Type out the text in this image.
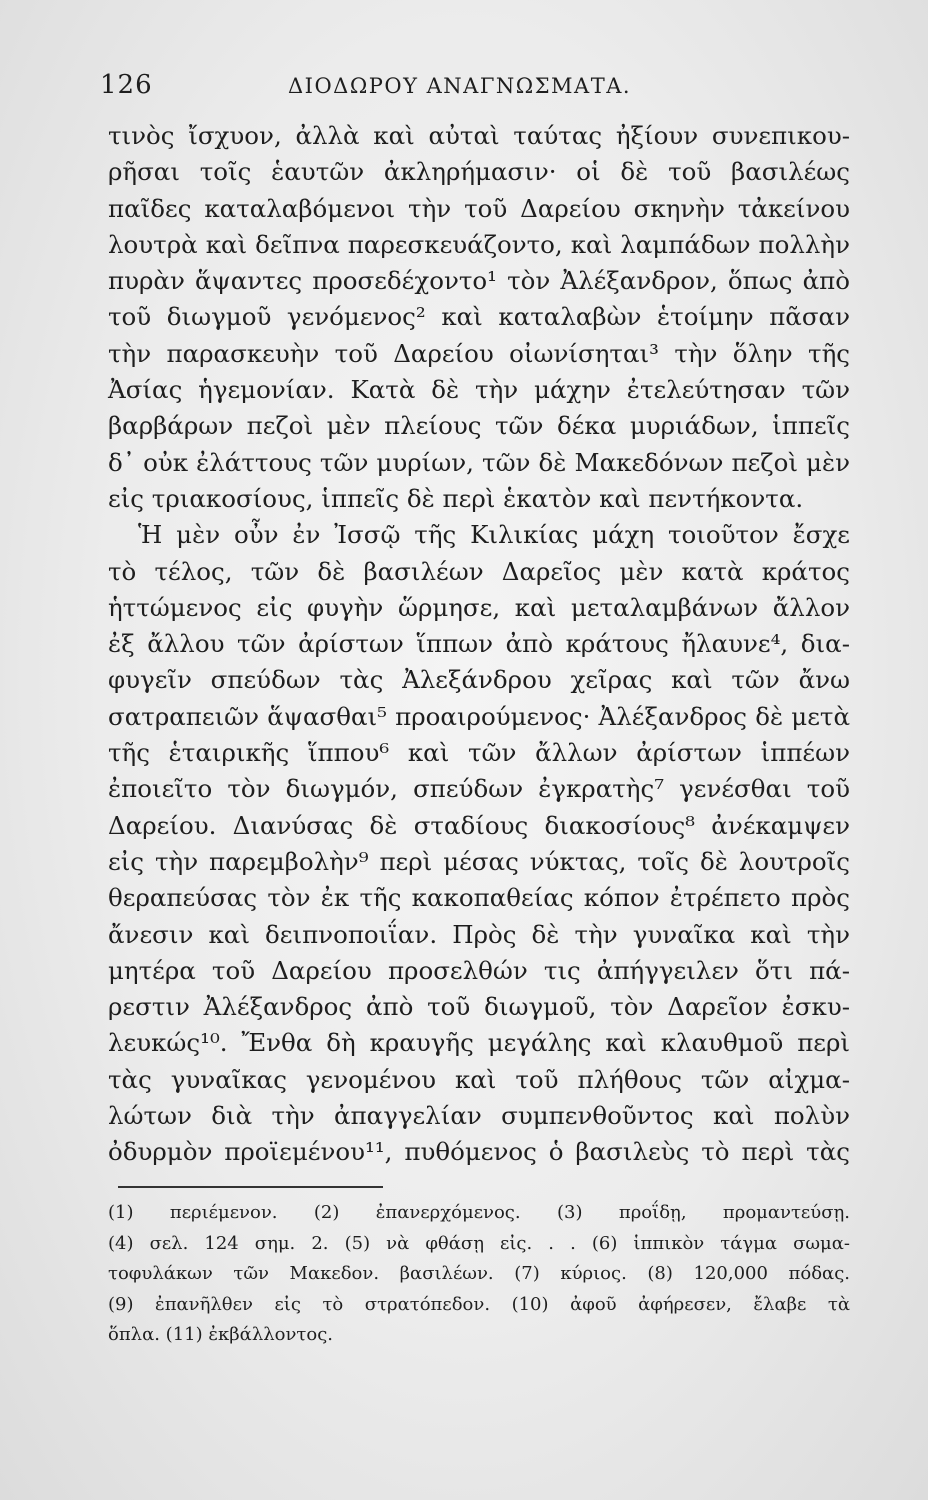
126	ΔΙΟΔΩΡΟΥ ΑΝΑΓΝΩΣΜΑΤΑ.
τινὸς ἴσχυον, ἀλλὰ καὶ αὐταὶ ταύτας ἠξίουν συνεπικου-
ρῆσαι τοῖς ἑαυτῶν ἀκληρήμασιν· οἱ δὲ τοῦ βασιλέως
παῖδες καταλαβόμενοι τὴν τοῦ Δαρείου σκηνὴν τἀκείνου
λουτρὰ καὶ δεῖπνα παρεσκευάζοντο, καὶ λαμπάδων πολλὴν
πυρὰν ἅψαντες προσεδέχοντο¹ τὸν Ἀλέξανδρον, ὅπως ἀπὸ
τοῦ διωγμοῦ γενόμενος² καὶ καταλαβὼν ἑτοίμην πᾶσαν
τὴν παρασκευὴν τοῦ Δαρείου οἰωνίσηται³ τὴν ὅλην τῆς
Ἀσίας ἡγεμονίαν. Κατὰ δὲ τὴν μάχην ἐτελεύτησαν τῶν
βαρβάρων πεζοὶ μὲν πλείους τῶν δέκα μυριάδων, ἱππεῖς
δ᾽ οὐκ ἐλάττους τῶν μυρίων, τῶν δὲ Μακεδόνων πεζοὶ μὲν
εἰς τριακοσίους, ἱππεῖς δὲ περὶ ἑκατὸν καὶ πεντήκοντα.
Ἡ μὲν οὖν ἐν Ἰσσῷ τῆς Κιλικίας μάχη τοιοῦτον ἔσχε
τὸ τέλος, τῶν δὲ βασιλέων Δαρεῖος μὲν κατὰ κράτος
ἡττώμενος εἰς φυγὴν ὥρμησε, καὶ μεταλαμβάνων ἄλλον
ἐξ ἄλλου τῶν ἀρίστων ἵππων ἀπὸ κράτους ἤλαυνε⁴, δια-
φυγεῖν σπεύδων τὰς Ἀλεξάνδρου χεῖρας καὶ τῶν ἄνω
σατραπειῶν ἅψασθαι⁵ προαιρούμενος· Ἀλέξανδρος δὲ μετὰ
τῆς ἑταιρικῆς ἵππου⁶ καὶ τῶν ἄλλων ἀρίστων ἱππέων
ἐποιεῖτο τὸν διωγμόν, σπεύδων ἐγκρατὴς⁷ γενέσθαι τοῦ
Δαρείου. Διανύσας δὲ σταδίους διακοσίους⁸ ἀνέκαμψεν
εἰς τὴν παρεμβολὴν⁹ περὶ μέσας νύκτας, τοῖς δὲ λουτροῖς
θεραπεύσας τὸν ἐκ τῆς κακοπαθείας κόπον ἐτρέπετο πρὸς
ἄνεσιν καὶ δειπνοποιΐαν. Πρὸς δὲ τὴν γυναῖκα καὶ τὴν
μητέρα τοῦ Δαρείου προσελθών τις ἀπήγγειλεν ὅτι πά-
ρεστιν Ἀλέξανδρος ἀπὸ τοῦ διωγμοῦ, τὸν Δαρεῖον ἐσκυ-
λευκώς¹⁰. Ἔνθα δὴ κραυγῆς μεγάλης καὶ κλαυθμοῦ περὶ
τὰς γυναῖκας γενομένου καὶ τοῦ πλήθους τῶν αἰχμα-
λώτων διὰ τὴν ἀπαγγελίαν συμπενθοῦντος καὶ πολὺν
ὀδυρμὸν προϊεμένου¹¹, πυθόμενος ὁ βασιλεὺς τὸ περὶ τὰς
(1) περιέμενον. (2) ἐπανερχόμενος. (3) προΐδῃ, προμαντεύσῃ.
(4) σελ. 124 σημ. 2. (5) νὰ φθάσῃ εἰς. . . (6) ἱππικὸν τάγμα σωμα-
τοφυλάκων τῶν Μακεδον. βασιλέων. (7) κύριος. (8) 120,000 πόδας.
(9) ἐπανῆλθεν εἰς τὸ στρατόπεδον. (10) ἀφοῦ ἀφήρεσεν, ἔλαβε τὰ
ὅπλα. (11) ἐκβάλλοντος.
